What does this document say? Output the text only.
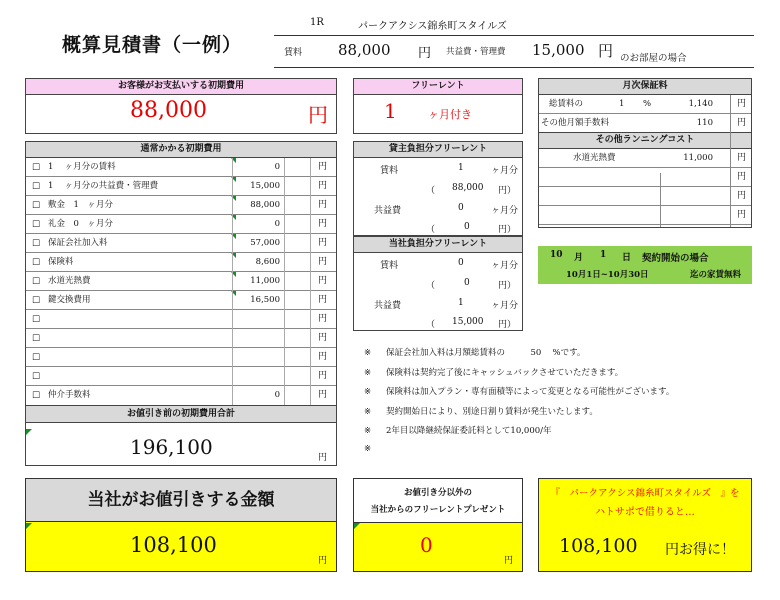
概算見積書（一例）
1R	パークアクシス錦糸町スタイルズ
賃料 88,000 円 共益費・管理費 15,000 円 のお部屋の場合
お客様がお支払いする初期費用
88,000	円
フリーレント
1	ヶ月付き
月次保証料
総賃料の	1 %	1,140	円
その他月額手数料	110	円
その他ランニングコスト
水道光熱費	11,000	円
円
円
円
通常かかる初期費用
□ 1　 ヶ月分の賃料	0	円
□ 1　 ヶ月分の共益費・管理費	15,000	円
□ 敷金　1　ヶ月分	88,000	円
□ 礼金　0　ヶ月分	0	円
□ 保証会社加入料	57,000	円
□ 保険料	8,600	円
□ 水道光熱費	11,000	円
□ 鍵交換費用	16,500	円
□	円
□	円
□	円
□	円
□ 仲介手数料	0	円
お値引き前の初期費用合計
196,100	円
貸主負担分フリーレント
賃料	1	ヶ月分
（ 88,000 円）
共益費	0	ヶ月分
（	0	円）
当社負担分フリーレント
賃料	0	ヶ月分
（	0	円）
共益費	1	ヶ月分
（ 15,000 円）
10 月 1 日 契約開始の場合
10月1日~10月30日	迄の家賃無料
※ 保証会社加入料は月額総賃料の　　　50　 %です。
※ 保険料は契約完了後にキャッシュバックさせていただきます。
※ 保険料は加入プラン・専有面積等によって変更となる可能性がございます。
※ 契約開始日により、別途日割り賃料が発生いたします。
※ 2年目以降継続保証委託料として10,000/年
※
当社がお値引きする金額
108,100
円
お値引き分以外の
当社からのフリーレントプレゼント
0
円
『　パークアクシス錦糸町スタイルズ　』を
ハトサポで借りると…
108,100 円お得に！
